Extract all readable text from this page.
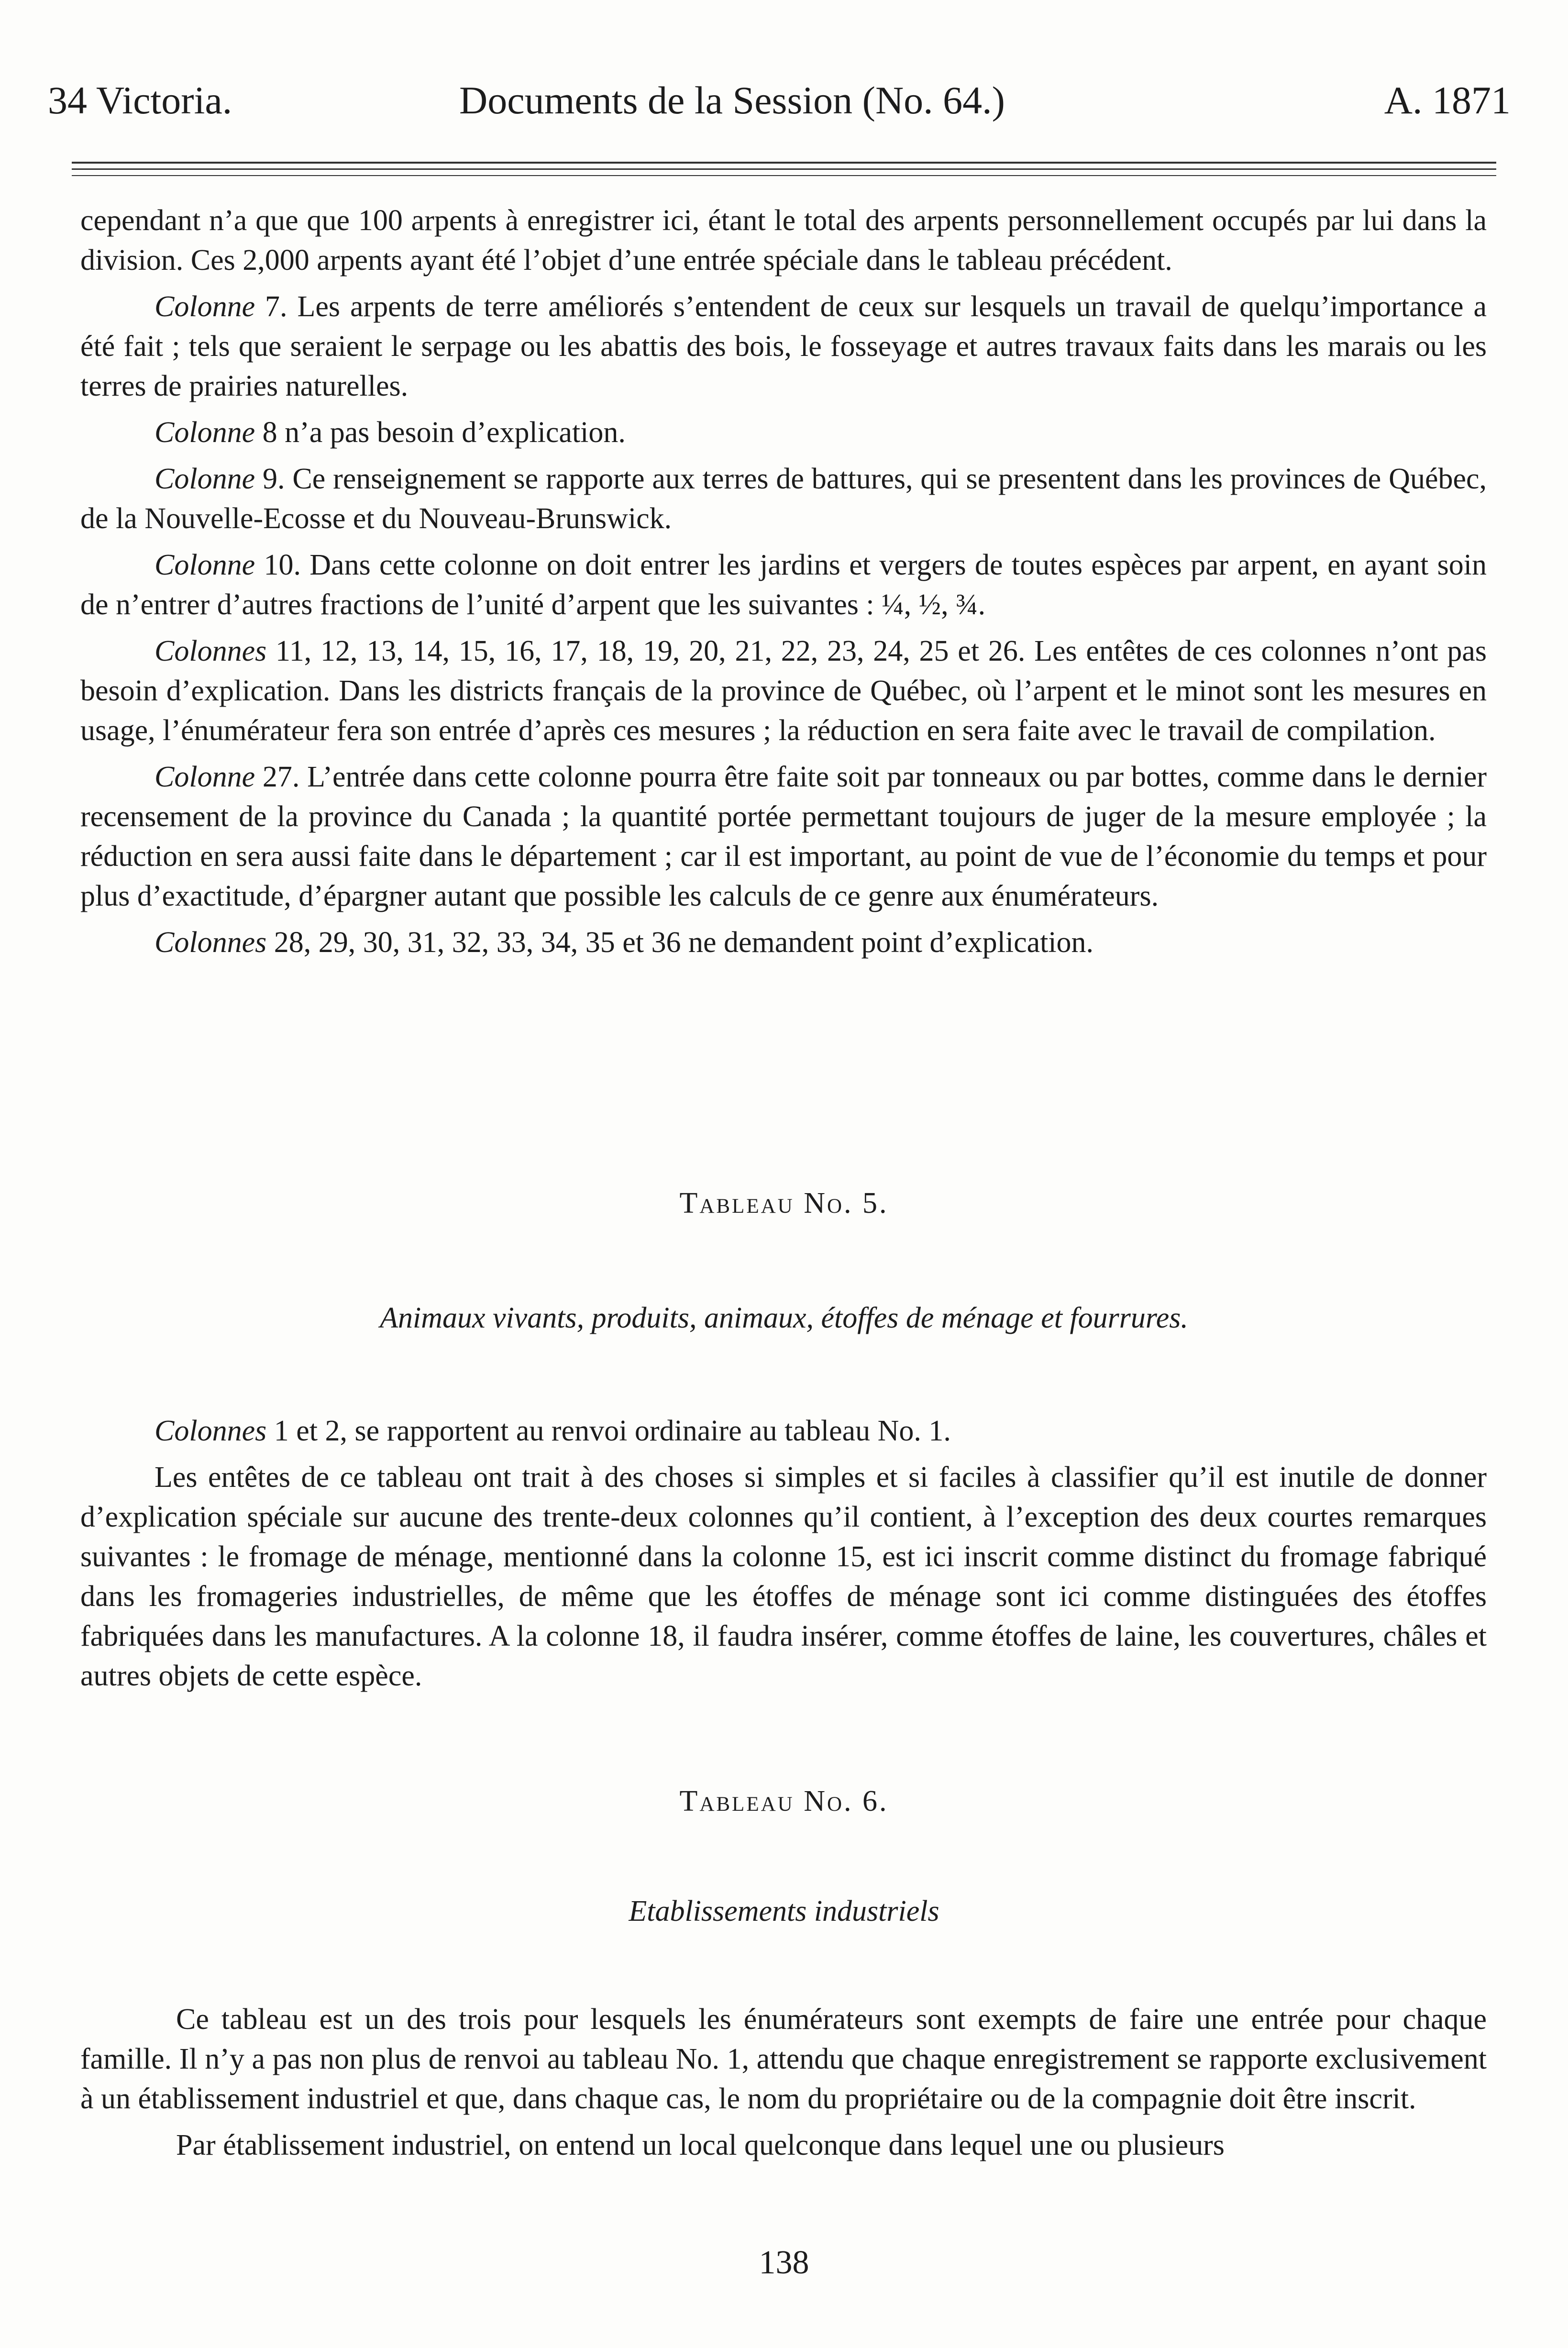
34 Victoria.	Documents de la Session (No. 64.)	A. 1871

cependant n’a que que 100 arpents à enregistrer ici, étant le total des arpents personnellement occupés par lui dans la division. Ces 2,000 arpents ayant été l’objet d’une entrée spéciale dans le tableau précédent.

Colonne 7. Les arpents de terre améliorés s’entendent de ceux sur lesquels un travail de quelqu’importance a été fait ; tels que seraient le serpage ou les abattis des bois, le fosseyage et autres travaux faits dans les marais ou les terres de prairies naturelles.

Colonne 8 n’a pas besoin d’explication.

Colonne 9. Ce renseignement se rapporte aux terres de battures, qui se presentent dans les provinces de Québec, de la Nouvelle-Ecosse et du Nouveau-Brunswick.

Colonne 10. Dans cette colonne on doit entrer les jardins et vergers de toutes espèces par arpent, en ayant soin de n’entrer d’autres fractions de l’unité d’arpent que les suivantes : ¼, ½, ¾.

Colonnes 11, 12, 13, 14, 15, 16, 17, 18, 19, 20, 21, 22, 23, 24, 25 et 26. Les entêtes de ces colonnes n’ont pas besoin d’explication. Dans les districts français de la province de Québec, où l’arpent et le minot sont les mesures en usage, l’énumérateur fera son entrée d’après ces mesures ; la réduction en sera faite avec le travail de compilation.

Colonne 27. L’entrée dans cette colonne pourra être faite soit par tonneaux ou par bottes, comme dans le dernier recensement de la province du Canada ; la quantité portée permettant toujours de juger de la mesure employée ; la réduction en sera aussi faite dans le département ; car il est important, au point de vue de l’économie du temps et pour plus d’exactitude, d’épargner autant que possible les calculs de ce genre aux énumérateurs.

Colonnes 28, 29, 30, 31, 32, 33, 34, 35 et 36 ne demandent point d’explication.

Tableau No. 5.
Animaux vivants, produits, animaux, étoffes de ménage et fourrures.

Colonnes 1 et 2, se rapportent au renvoi ordinaire au tableau No. 1.

Les entêtes de ce tableau ont trait à des choses si simples et si faciles à classifier qu’il est inutile de donner d’explication spéciale sur aucune des trente-deux colonnes qu’il contient, à l’exception des deux courtes remarques suivantes : le fromage de ménage, mentionné dans la colonne 15, est ici inscrit comme distinct du fromage fabriqué dans les fromageries industrielles, de même que les étoffes de ménage sont ici comme distinguées des étoffes fabriquées dans les manufactures. A la colonne 18, il faudra insérer, comme étoffes de laine, les couvertures, châles et autres objets de cette espèce.

Tableau No. 6.
Etablissements industriels

Ce tableau est un des trois pour lesquels les énumérateurs sont exempts de faire une entrée pour chaque famille. Il n’y a pas non plus de renvoi au tableau No. 1, attendu que chaque enregistrement se rapporte exclusivement à un établissement industriel et que, dans chaque cas, le nom du propriétaire ou de la compagnie doit être inscrit.

Par établissement industriel, on entend un local quelconque dans lequel une ou plusieurs

138
